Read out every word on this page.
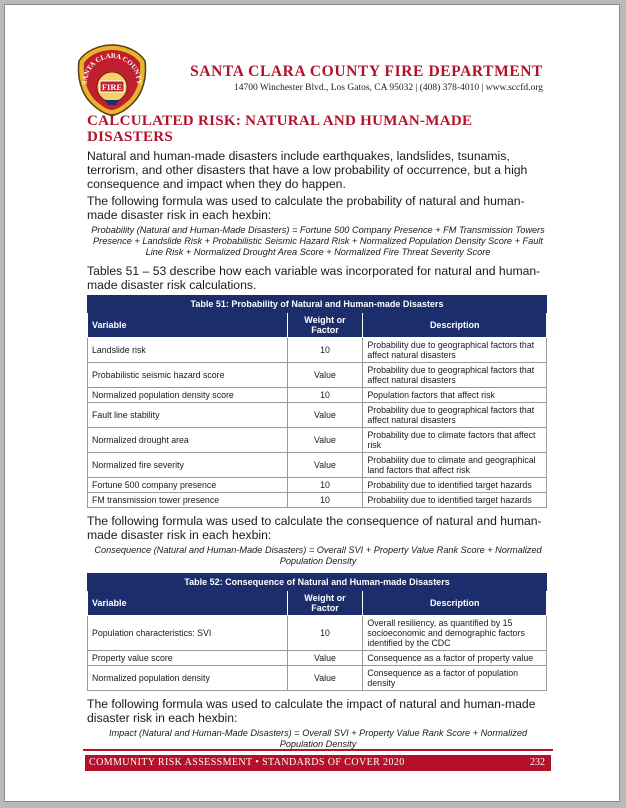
SANTA CLARA COUNTY
FIRE
SANTA CLARA COUNTY FIRE DEPARTMENT
14700 Winchester Blvd., Los Gatos, CA 95032 | (408) 378-4010 | www.sccfd.org
CALCULATED RISK: NATURAL AND HUMAN-MADE DISASTERS

Natural and human-made disasters include earthquakes, landslides, tsunamis, terrorism, and other disasters that have a low probability of occurrence, but a high consequence and impact when they do happen.

The following formula was used to calculate the probability of natural and human-made disaster risk in each hexbin:

Probability (Natural and Human-Made Disasters) = Fortune 500 Company Presence + FM Transmission Towers Presence + Landslide Risk + Probabilistic Seismic Hazard Risk + Normalized Population Density Score + Fault Line Risk + Normalized Drought Area Score + Normalized Fire Threat Severity Score

Tables 51 – 53 describe how each variable was incorporated for natural and human-made disaster risk calculations.

Table 51: Probability of Natural and Human-made Disasters
Variable	Weight or Factor	Description
Landslide risk	10	Probability due to geographical factors that affect natural disasters
Probabilistic seismic hazard score	Value	Probability due to geographical factors that affect natural disasters
Normalized population density score	10	Population factors that affect risk
Fault line stability	Value	Probability due to geographical factors that affect natural disasters
Normalized drought area	Value	Probability due to climate factors that affect risk
Normalized fire severity	Value	Probability due to climate and geographical land factors that affect risk
Fortune 500 company presence	10	Probability due to identified target hazards
FM transmission tower presence	10	Probability due to identified target hazards

The following formula was used to calculate the consequence of natural and human-made disaster risk in each hexbin:

Consequence (Natural and Human-Made Disasters) = Overall SVI + Property Value Rank Score + Normalized Population Density

Table 52: Consequence of Natural and Human-made Disasters
Variable	Weight or Factor	Description
Population characteristics: SVI	10	Overall resiliency, as quantified by 15 socioeconomic and demographic factors identified by the CDC
Property value score	Value	Consequence as a factor of property value
Normalized population density	Value	Consequence as a factor of population density

The following formula was used to calculate the impact of natural and human-made disaster risk in each hexbin:

Impact (Natural and Human-Made Disasters) = Overall SVI + Property Value Rank Score + Normalized Population Density

COMMUNITY RISK ASSESSMENT • STANDARDS OF COVER 2020	232
